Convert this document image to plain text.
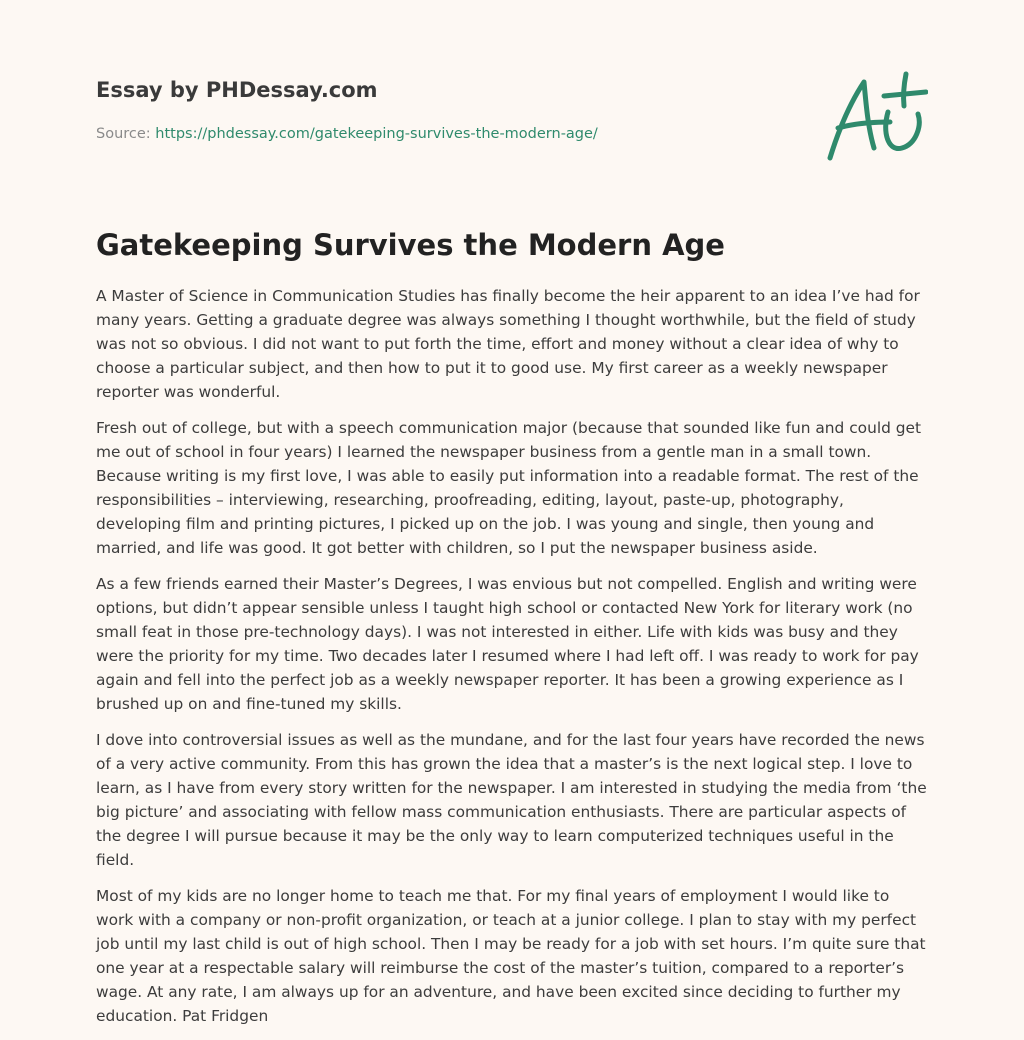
Essay by PHDessay.com
Source: https://phdessay.com/gatekeeping-survives-the-modern-age/
Gatekeeping Survives the Modern Age

A Master of Science in Communication Studies has finally become the heir apparent to an idea I’ve had for many years. Getting a graduate degree was always something I thought worthwhile, but the field of study was not so obvious. I did not want to put forth the time, effort and money without a clear idea of why to choose a particular subject, and then how to put it to good use. My first career as a weekly newspaper reporter was wonderful.

Fresh out of college, but with a speech communication major (because that sounded like fun and could get me out of school in four years) I learned the newspaper business from a gentle man in a small town. Because writing is my first love, I was able to easily put information into a readable format. The rest of the responsibilities – interviewing, researching, proofreading, editing, layout, paste-up, photography, developing film and printing pictures, I picked up on the job. I was young and single, then young and married, and life was good. It got better with children, so I put the newspaper business aside.

As a few friends earned their Master’s Degrees, I was envious but not compelled. English and writing were options, but didn’t appear sensible unless I taught high school or contacted New York for literary work (no small feat in those pre-technology days). I was not interested in either. Life with kids was busy and they were the priority for my time. Two decades later I resumed where I had left off. I was ready to work for pay again and fell into the perfect job as a weekly newspaper reporter. It has been a growing experience as I brushed up on and fine-tuned my skills.

I dove into controversial issues as well as the mundane, and for the last four years have recorded the news of a very active community. From this has grown the idea that a master’s is the next logical step. I love to learn, as I have from every story written for the newspaper. I am interested in studying the media from ‘the big picture’ and associating with fellow mass communication enthusiasts. There are particular aspects of the degree I will pursue because it may be the only way to learn computerized techniques useful in the field.

Most of my kids are no longer home to teach me that. For my final years of employment I would like to work with a company or non-profit organization, or teach at a junior college. I plan to stay with my perfect job until my last child is out of high school. Then I may be ready for a job with set hours. I’m quite sure that one year at a respectable salary will reimburse the cost of the master’s tuition, compared to a reporter’s wage. At any rate, I am always up for an adventure, and have been excited since deciding to further my education. Pat Fridgen
